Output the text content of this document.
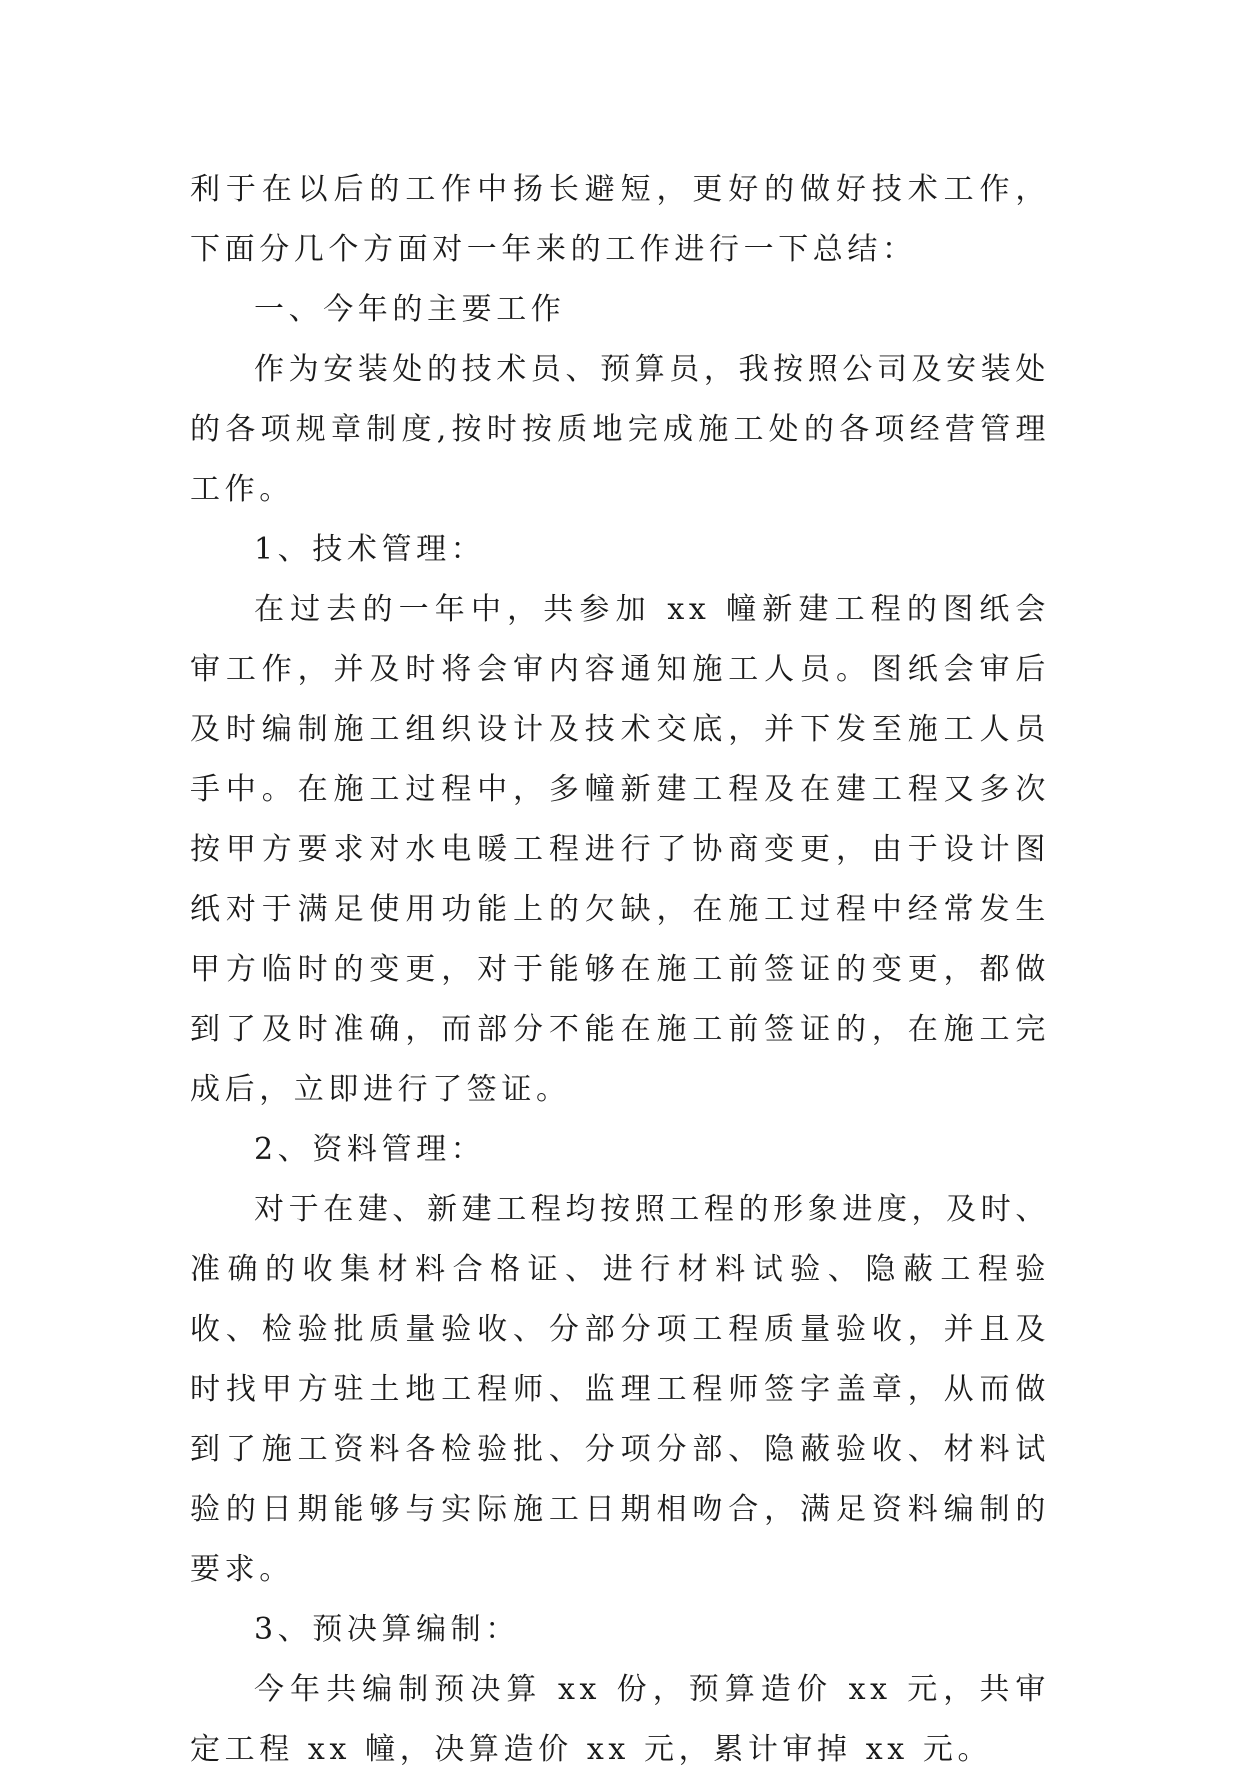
利于在以后的工作中扬长避短，更好的做好技术工作，下面分几个方面对一年来的工作进行一下总结：

一、今年的主要工作

作为安装处的技术员、预算员，我按照公司及安装处的各项规章制度,按时按质地完成施工处的各项经营管理工作。

1、技术管理：

在过去的一年中，共参加 xx 幢新建工程的图纸会审工作，并及时将会审内容通知施工人员。图纸会审后及时编制施工组织设计及技术交底，并下发至施工人员手中。在施工过程中，多幢新建工程及在建工程又多次按甲方要求对水电暖工程进行了协商变更，由于设计图纸对于满足使用功能上的欠缺，在施工过程中经常发生甲方临时的变更，对于能够在施工前签证的变更，都做到了及时准确，而部分不能在施工前签证的，在施工完成后，立即进行了签证。

2、资料管理：

对于在建、新建工程均按照工程的形象进度，及时、准确的收集材料合格证、进行材料试验、隐蔽工程验收、检验批质量验收、分部分项工程质量验收，并且及时找甲方驻土地工程师、监理工程师签字盖章，从而做到了施工资料各检验批、分项分部、隐蔽验收、材料试验的日期能够与实际施工日期相吻合，满足资料编制的要求。

3、预决算编制：

今年共编制预决算 xx 份，预算造价 xx 元，共审定工程 xx 幢，决算造价 xx 元，累计审掉 xx 元。
